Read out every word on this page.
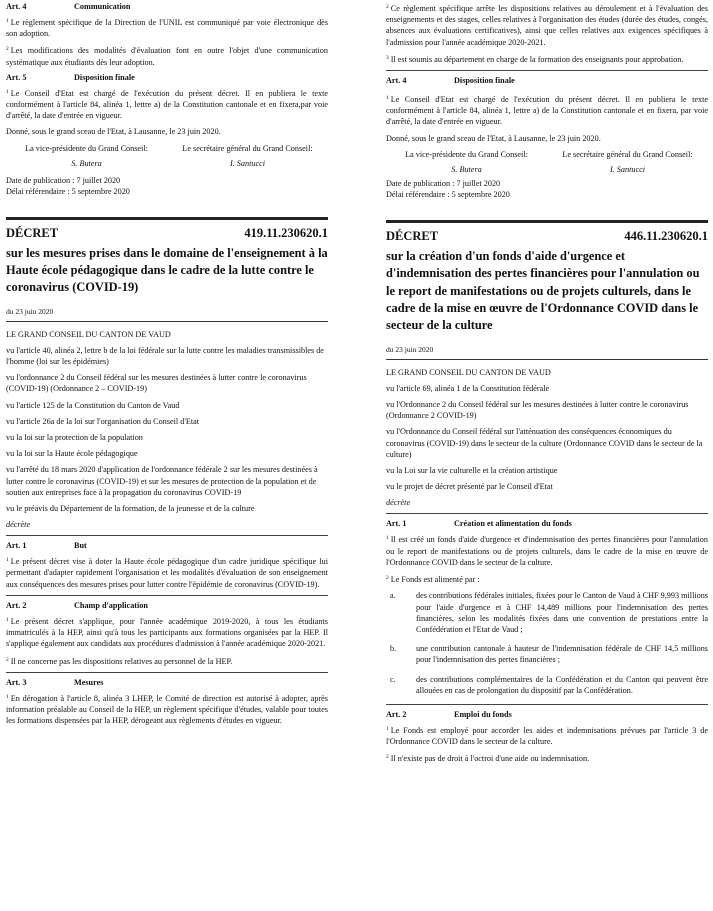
Art. 4	Communication
$^1$ Le règlement spécifique de la Direction de l'UNIL est communiqué par voie électronique dès son adoption.
$^2$ Les modifications des modalités d'évaluation font en outre l'objet d'une communication systématique aux étudiants dès leur adoption.
Art. 5	Disposition finale
$^1$ Le Conseil d'Etat est chargé de l'exécution du présent décret. Il en publiera le texte conformément à l'article 84, alinéa 1, lettre a) de la Constitution cantonale et en fixera,par voie d'arrêté, la date d'entrée en vigueur.
Donné, sous le grand sceau de l'Etat, à Lausanne, le 23 juin 2020.
La vice-présidente du Grand Conseil:	Le secrétaire général du Grand Conseil:
S. Butera	I. Santucci
Date de publication : 7 juillet 2020
Délai référendaire : 5 septembre 2020
DÉCRET	419.11.230620.1
sur les mesures prises dans le domaine de l'enseignement à la Haute école pédagogique dans le cadre de la lutte contre le coronavirus (COVID-19)
du 23 juin 2020
LE GRAND CONSEIL DU CANTON DE VAUD
vu l'article 40, alinéa 2, lettre b de la loi fédérale sur la lutte contre les maladies transmissibles de l'homme (loi sur les épidémies)
vu l'ordonnance 2 du Conseil fédéral sur les mesures destinées à lutter contre le coronavirus (COVID-19) (Ordonnance 2 – COVID-19)
vu l'article 125 de la Constitution du Canton de Vaud
vu l'article 26a de la loi sur l'organisation du Conseil d'Etat
vu la loi sur la protection de la population
vu la loi sur la Haute école pédagogique
vu l'arrêté du 18 mars 2020 d'application de l'ordonnance fédérale 2 sur les mesures destinées à lutter contre le coronavirus (COVID-19) et sur les mesures de protection de la population et de soutien aux entreprises face à la propagation du coronavirus COVID-19
vu le préavis du Département de la formation, de la jeunesse et de la culture
décrète
Art. 1	But
$^1$ Le présent décret vise à doter la Haute école pédagogique d'un cadre juridique spécifique lui permettant d'adapter rapidement l'organisation et les modalités d'évaluation de son enseignement aux conséquences des mesures prises pour lutter contre l'épidémie de coronavirus (COVID-19).
Art. 2	Champ d'application
$^1$ Le présent décret s'applique, pour l'année académique 2019-2020, à tous les étudiants immatriculés à la HEP, ainsi qu'à tous les participants aux formations organisées par la HEP. Il s'applique également aux candidats aux procédures d'admission à l'année académique 2020-2021.
$^2$ Il ne concerne pas les dispositions relatives au personnel de la HEP.
Art. 3	Mesures
$^1$ En dérogation à l'article 8, alinéa 3 LHEP, le Comité de direction est autorisé à adopter, après information préalable au Conseil de la HEP, un règlement spécifique d'études, valable pour toutes les formations dispensées par la HEP, dérogeant aux règlements d'études en vigueur.
$^2$ Ce règlement spécifique arrête les dispositions relatives au déroulement et à l'évaluation des enseignements et des stages, celles relatives à l'organisation des études (durée des études, congés, absences aux évaluations certificatives), ainsi que celles relatives aux exigences spécifiques à l'admission pour l'année académique 2020-2021.
$^3$ Il est soumis au département en charge de la formation des enseignants pour approbation.
Art. 4	Disposition finale
$^1$ Le Conseil d'Etat est chargé de l'exécution du présent décret. Il en publiera le texte conformément à l'article 84, alinéa 1, lettre a) de la Constitution cantonale et en fixera, par voie d'arrêté, la date d'entrée en vigueur.
Donné, sous le grand sceau de l'Etat, à Lausanne, le 23 juin 2020.
La vice-présidente du Grand Conseil:	Le secrétaire général du Grand Conseil:
S. Butera	I. Santucci
Date de publication : 7 juillet 2020
Délai référendaire : 5 septembre 2020
DÉCRET	446.11.230620.1
sur la création d'un fonds d'aide d'urgence et d'indemnisation des pertes financières pour l'annulation ou le report de manifestations ou de projets culturels, dans le cadre de la mise en œuvre de l'Ordonnance COVID dans le secteur de la culture
du 23 juin 2020
LE GRAND CONSEIL DU CANTON DE VAUD
vu l'article 69, alinéa 1 de la Constitution fédérale
vu l'Ordonnance 2 du Conseil fédéral sur les mesures destinées à lutter contre le coronavirus (Ordonnance 2 COVID-19)
vu l'Ordonnance du Conseil fédéral sur l'atténuation des conséquences économiques du coronavirus (COVID-19) dans le secteur de la culture (Ordonnance COVID dans le secteur de la culture)
vu la Loi sur la vie culturelle et la création artistique
vu le projet de décret présenté par le Conseil d'Etat
décrète
Art. 1	Création et alimentation du fonds
$^1$ Il est créé un fonds d'aide d'urgence et d'indemnisation des pertes financières pour l'annulation ou le report de manifestations ou de projets culturels, dans le cadre de la mise en œuvre de l'Ordonnance COVID dans le secteur de la culture.
$^2$ Le Fonds est alimenté par :
a.	des contributions fédérales initiales, fixées pour le Canton de Vaud à CHF 9,993 millions pour l'aide d'urgence et à CHF 14,489 millions pour l'indemnisation des pertes financières, selon les modalités fixées dans une convention de prestations entre la Confédération et l'Etat de Vaud ;
b.	une contribution cantonale à hauteur de l'indemnisation fédérale de CHF 14,5 millions pour l'indemnisation des pertes financières ;
c.	des contributions complémentaires de la Confédération et du Canton qui peuvent être allouées en cas de prolongation du dispositif par la Confédération.
Art. 2	Emploi du fonds
$^1$ Le Fonds est employé pour accorder les aides et indemnisations prévues par l'article 3 de l'Ordonnance COVID dans le secteur de la culture.
$^2$ Il n'existe pas de droit à l'octroi d'une aide ou indemnisation.
